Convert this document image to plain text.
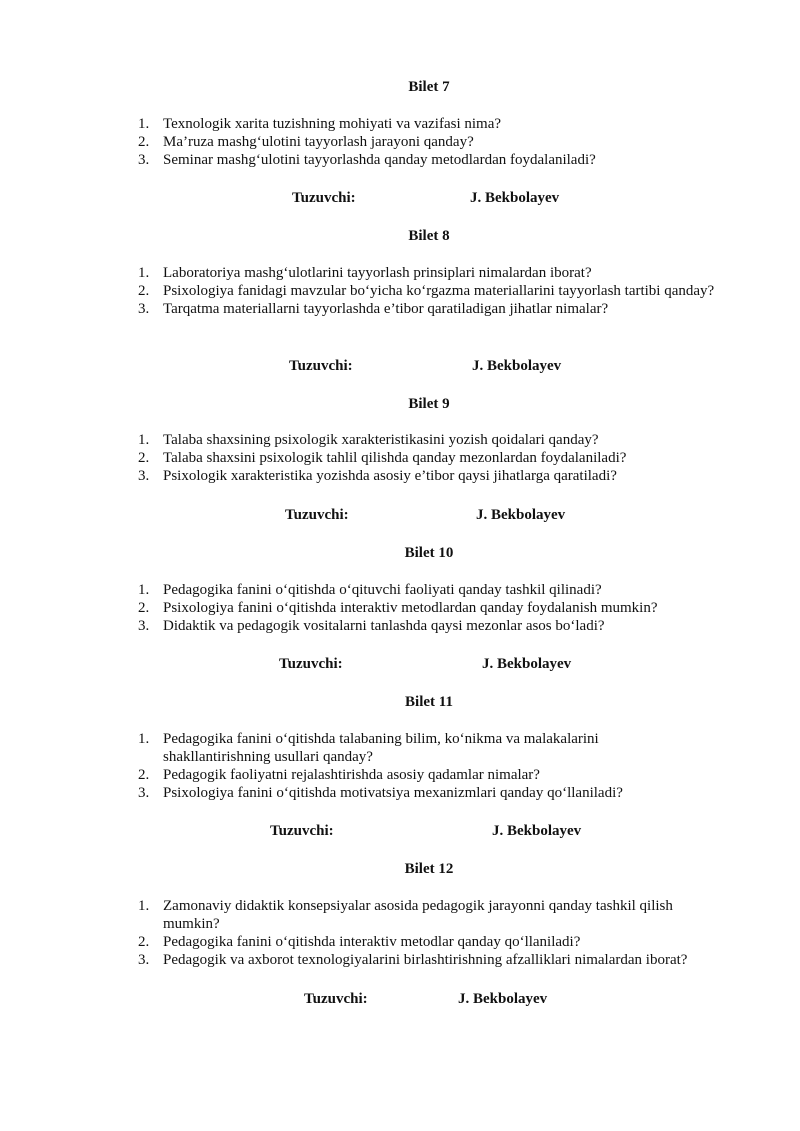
Bilet 7
1. Texnologik xarita tuzishning mohiyati va vazifasi nima?
2. Ma’ruza mashg‘ulotini tayyorlash jarayoni qanday?
3. Seminar mashg‘ulotini tayyorlashda qanday metodlardan foydalaniladi?
Tuzuvchi:	J. Bekbolayev
Bilet 8
1. Laboratoriya mashg‘ulotlarini tayyorlash prinsiplari nimalardan iborat?
2. Psixologiya fanidagi mavzular bo‘yicha ko‘rgazma materiallarini tayyorlash tartibi qanday?
3. Tarqatma materiallarni tayyorlashda e’tibor qaratiladigan jihatlar nimalar?
Tuzuvchi:	J. Bekbolayev
Bilet 9
1. Talaba shaxsining psixologik xarakteristikasini yozish qoidalari qanday?
2. Talaba shaxsini psixologik tahlil qilishda qanday mezonlardan foydalaniladi?
3. Psixologik xarakteristika yozishda asosiy e’tibor qaysi jihatlarga qaratiladi?
Tuzuvchi:	J. Bekbolayev
Bilet 10
1. Pedagogika fanini o‘qitishda o‘qituvchi faoliyati qanday tashkil qilinadi?
2. Psixologiya fanini o‘qitishda interaktiv metodlardan qanday foydalanish mumkin?
3. Didaktik va pedagogik vositalarni tanlashda qaysi mezonlar asos bo‘ladi?
Tuzuvchi:	J. Bekbolayev
Bilet 11
1. Pedagogika fanini o‘qitishda talabaning bilim, ko‘nikma va malakalarini shakllantirishning usullari qanday?
2. Pedagogik faoliyatni rejalashtirishda asosiy qadamlar nimalar?
3. Psixologiya fanini o‘qitishda motivatsiya mexanizmlari qanday qo‘llaniladi?
Tuzuvchi:	J. Bekbolayev
Bilet 12
1. Zamonaviy didaktik konsepsiyalar asosida pedagogik jarayonni qanday tashkil qilish mumkin?
2. Pedagogika fanini o‘qitishda interaktiv metodlar qanday qo‘llaniladi?
3. Pedagogik va axborot texnologiyalarini birlashtirishning afzalliklari nimalardan iborat?
Tuzuvchi:	J. Bekbolayev
